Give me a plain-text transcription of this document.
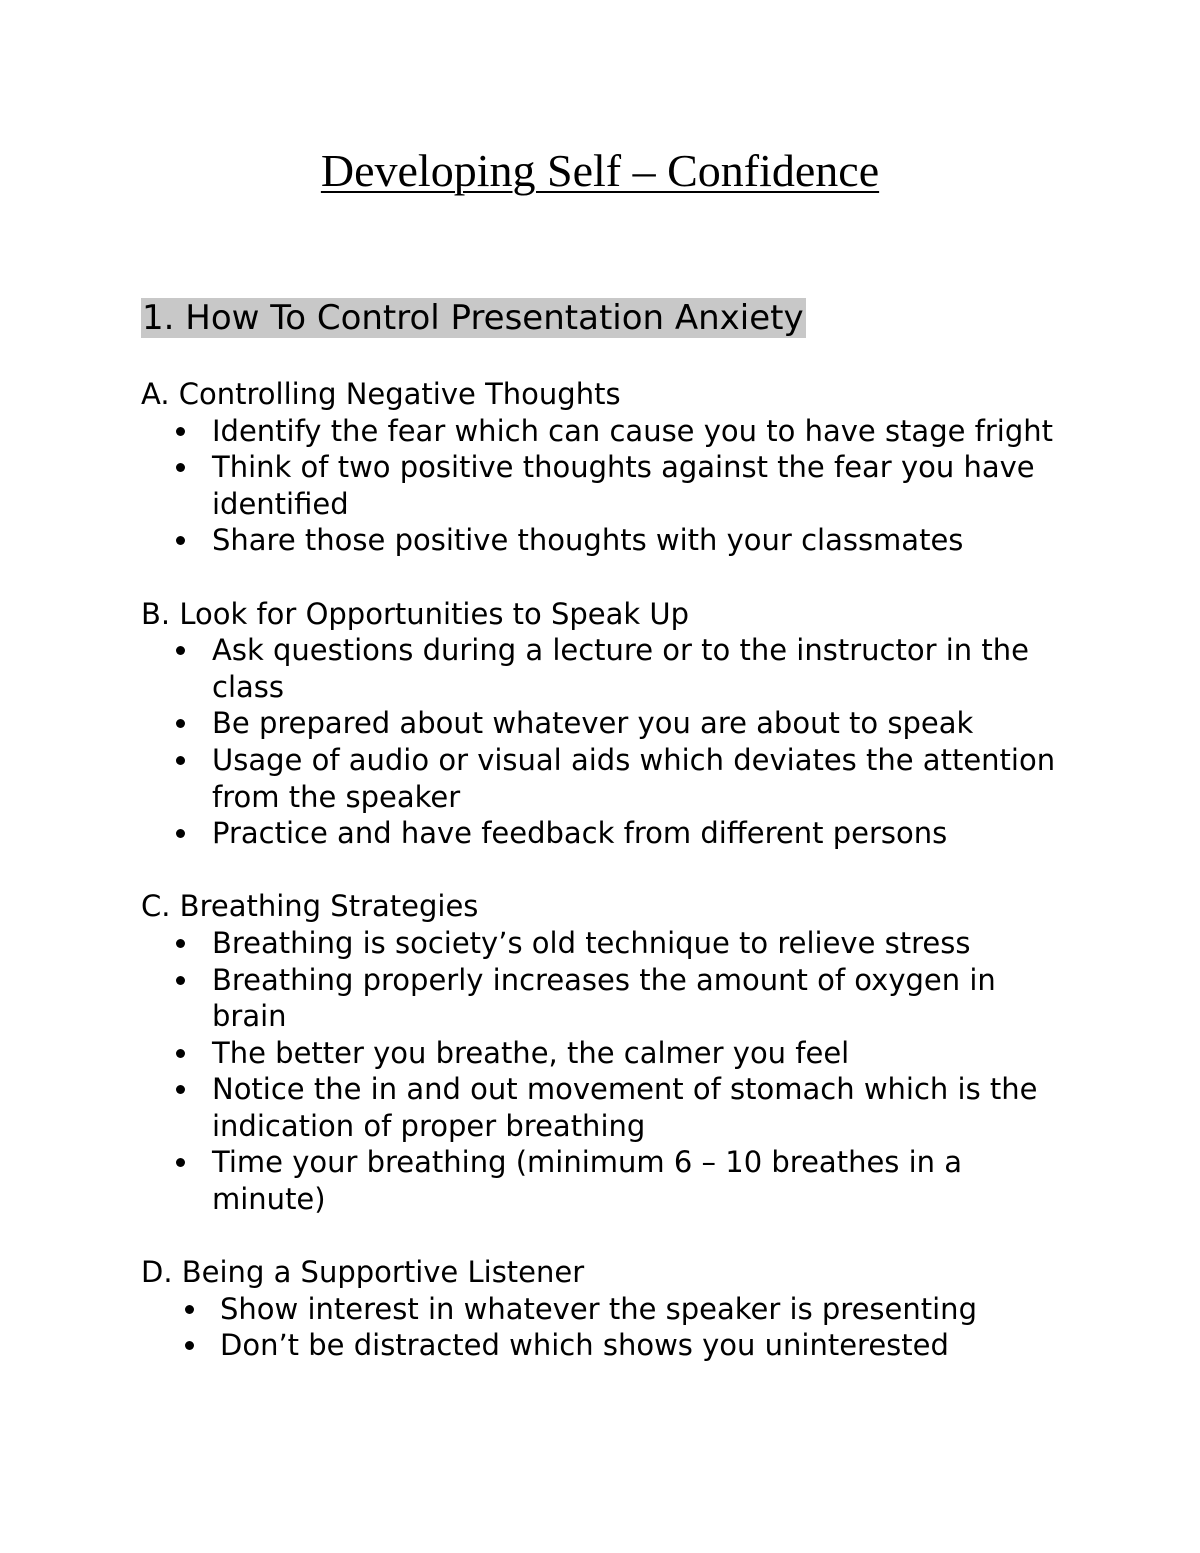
Developing Self – Confidence
1. How To Control Presentation Anxiety

A. Controlling Negative Thoughts

Identify the fear which can cause you to have stage fright
Think of two positive thoughts against the fear you have identified
Share those positive thoughts with your classmates

B. Look for Opportunities to Speak Up

Ask questions during a lecture or to the instructor in the class
Be prepared about whatever you are about to speak
Usage of audio or visual aids which deviates the attention from the speaker
Practice and have feedback from different persons

C. Breathing Strategies

Breathing is society’s old technique to relieve stress
Breathing properly increases the amount of oxygen in brain
The better you breathe, the calmer you feel
Notice the in and out movement of stomach which is the indication of proper breathing
Time your breathing (minimum 6 – 10 breathes in a minute)

D. Being a Supportive Listener

Show interest in whatever the speaker is presenting
Don’t be distracted which shows you uninterested
